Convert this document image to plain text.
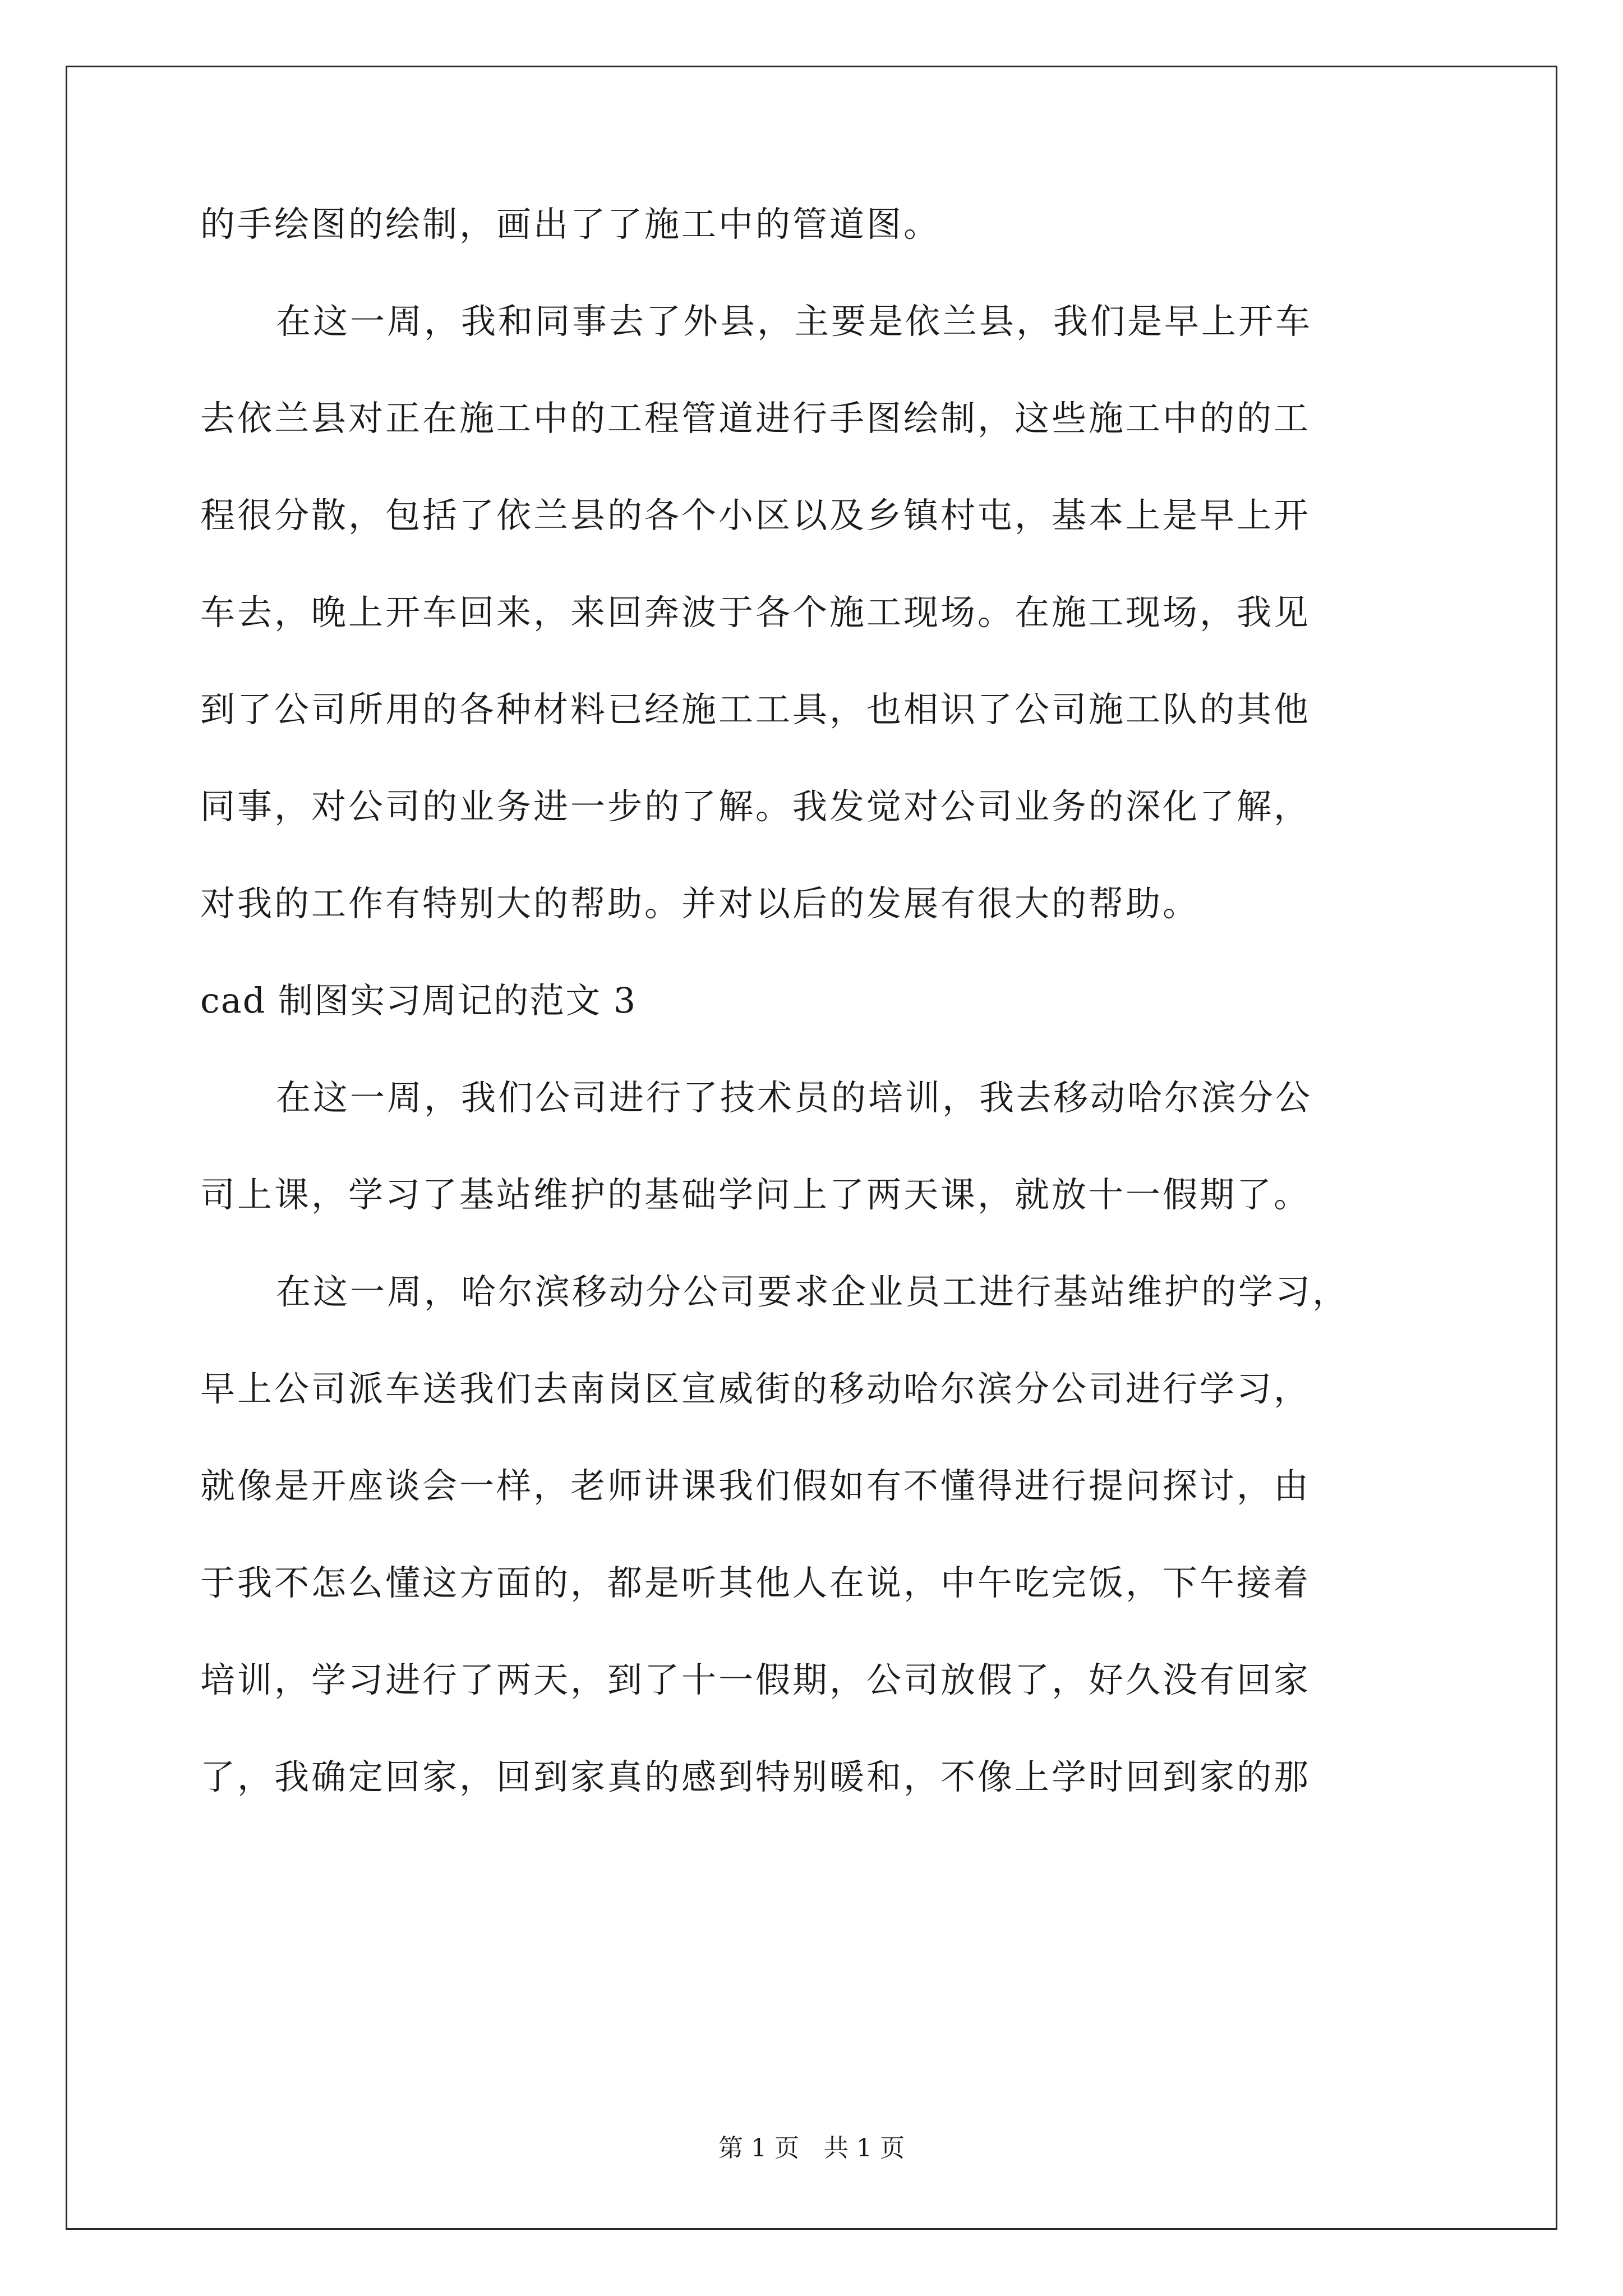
的手绘图的绘制，画出了了施工中的管道图。

在这一周，我和同事去了外县，主要是依兰县，我们是早上开车

去依兰县对正在施工中的工程管道进行手图绘制，这些施工中的的工

程很分散，包括了依兰县的各个小区以及乡镇村屯，基本上是早上开

车去，晚上开车回来，来回奔波于各个施工现场。在施工现场，我见

到了公司所用的各种材料已经施工工具，也相识了公司施工队的其他

同事，对公司的业务进一步的了解。我发觉对公司业务的深化了解，

对我的工作有特别大的帮助。并对以后的发展有很大的帮助。

cad 制图实习周记的范文 3

在这一周，我们公司进行了技术员的培训，我去移动哈尔滨分公

司上课，学习了基站维护的基础学问上了两天课，就放十一假期了。

在这一周，哈尔滨移动分公司要求企业员工进行基站维护的学习，

早上公司派车送我们去南岗区宣威街的移动哈尔滨分公司进行学习，

就像是开座谈会一样，老师讲课我们假如有不懂得进行提问探讨，由

于我不怎么懂这方面的，都是听其他人在说，中午吃完饭，下午接着

培训，学习进行了两天，到了十一假期，公司放假了，好久没有回家

了，我确定回家，回到家真的感到特别暖和，不像上学时回到家的那

第 1 页　共 1 页
